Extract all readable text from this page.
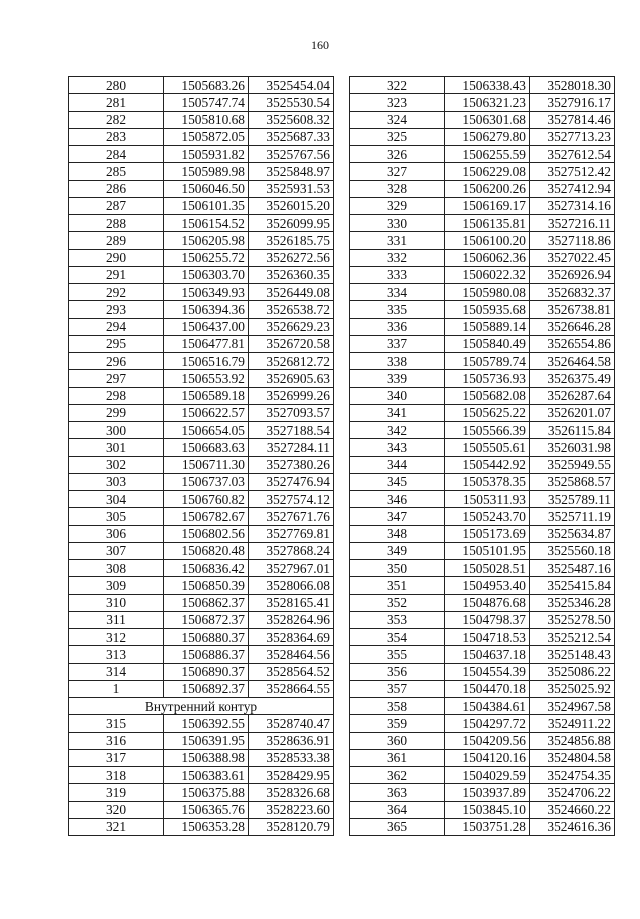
160
280	1505683.26	3525454.04
281	1505747.74	3525530.54
282	1505810.68	3525608.32
283	1505872.05	3525687.33
284	1505931.82	3525767.56
285	1505989.98	3525848.97
286	1506046.50	3525931.53
287	1506101.35	3526015.20
288	1506154.52	3526099.95
289	1506205.98	3526185.75
290	1506255.72	3526272.56
291	1506303.70	3526360.35
292	1506349.93	3526449.08
293	1506394.36	3526538.72
294	1506437.00	3526629.23
295	1506477.81	3526720.58
296	1506516.79	3526812.72
297	1506553.92	3526905.63
298	1506589.18	3526999.26
299	1506622.57	3527093.57
300	1506654.05	3527188.54
301	1506683.63	3527284.11
302	1506711.30	3527380.26
303	1506737.03	3527476.94
304	1506760.82	3527574.12
305	1506782.67	3527671.76
306	1506802.56	3527769.81
307	1506820.48	3527868.24
308	1506836.42	3527967.01
309	1506850.39	3528066.08
310	1506862.37	3528165.41
311	1506872.37	3528264.96
312	1506880.37	3528364.69
313	1506886.37	3528464.56
314	1506890.37	3528564.52
1	1506892.37	3528664.55
Внутренний контур		
315	1506392.55	3528740.47
316	1506391.95	3528636.91
317	1506388.98	3528533.38
318	1506383.61	3528429.95
319	1506375.88	3528326.68
320	1506365.76	3528223.60
321	1506353.28	3528120.79
322	1506338.43	3528018.30
323	1506321.23	3527916.17
324	1506301.68	3527814.46
325	1506279.80	3527713.23
326	1506255.59	3527612.54
327	1506229.08	3527512.42
328	1506200.26	3527412.94
329	1506169.17	3527314.16
330	1506135.81	3527216.11
331	1506100.20	3527118.86
332	1506062.36	3527022.45
333	1506022.32	3526926.94
334	1505980.08	3526832.37
335	1505935.68	3526738.81
336	1505889.14	3526646.28
337	1505840.49	3526554.86
338	1505789.74	3526464.58
339	1505736.93	3526375.49
340	1505682.08	3526287.64
341	1505625.22	3526201.07
342	1505566.39	3526115.84
343	1505505.61	3526031.98
344	1505442.92	3525949.55
345	1505378.35	3525868.57
346	1505311.93	3525789.11
347	1505243.70	3525711.19
348	1505173.69	3525634.87
349	1505101.95	3525560.18
350	1505028.51	3525487.16
351	1504953.40	3525415.84
352	1504876.68	3525346.28
353	1504798.37	3525278.50
354	1504718.53	3525212.54
355	1504637.18	3525148.43
356	1504554.39	3525086.22
357	1504470.18	3525025.92
358	1504384.61	3524967.58
359	1504297.72	3524911.22
360	1504209.56	3524856.88
361	1504120.16	3524804.58
362	1504029.59	3524754.35
363	1503937.89	3524706.22
364	1503845.10	3524660.22
365	1503751.28	3524616.36
